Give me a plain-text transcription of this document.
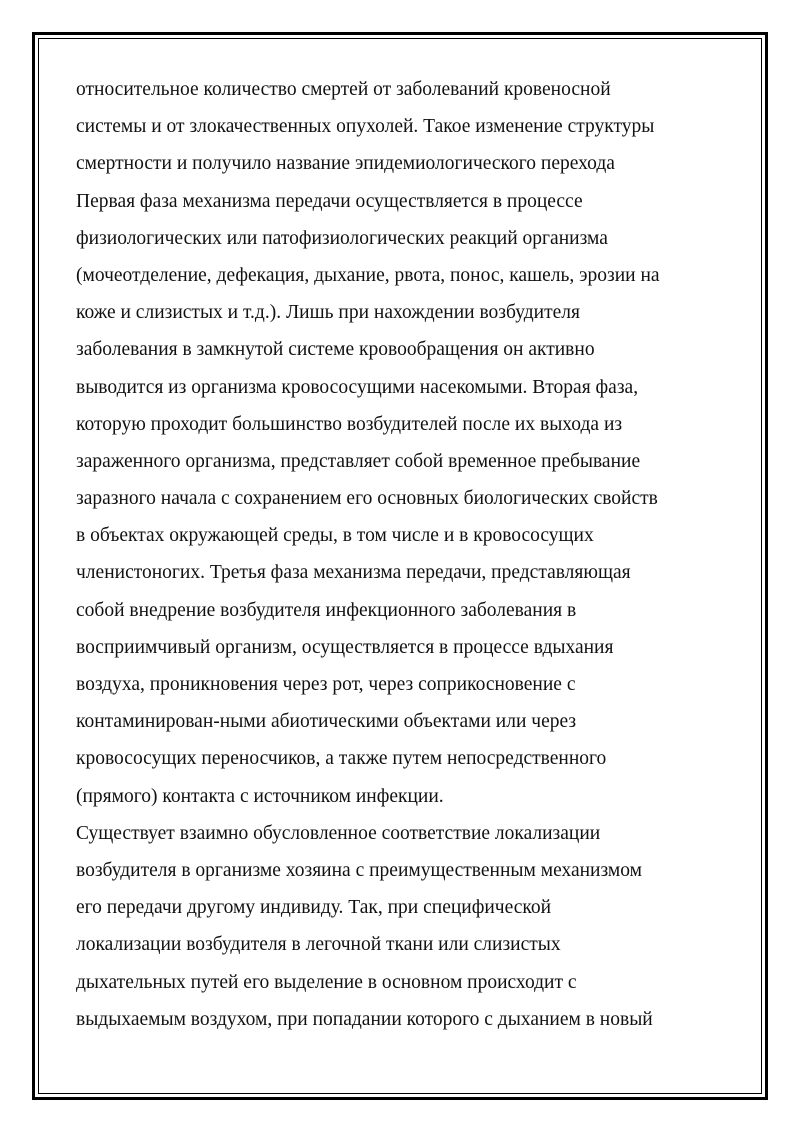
относительное количество смертей от заболеваний кровеносной
системы и от злокачественных опухолей. Такое изменение структуры
смертности и получило название эпидемиологического перехода
Первая фаза механизма передачи осуществляется в процессе
физиологических или патофизиологических реакций организма
(мочеотделение, дефекация, дыхание, рвота, понос, кашель, эрозии на
коже и слизистых и т.д.). Лишь при нахождении возбудителя
заболевания в замкнутой системе кровообращения он активно
выводится из организма кровососущими насекомыми. Вторая фаза,
которую проходит большинство возбудителей после их выхода из
зараженного организма, представляет собой временное пребывание
заразного начала с сохранением его основных биологических свойств
в объектах окружающей среды, в том числе и в кровососущих
членистоногих. Третья фаза механизма передачи, представляющая
собой внедрение возбудителя инфекционного заболевания в
восприимчивый организм, осуществляется в процессе вдыхания
воздуха, проникновения через рот, через соприкосновение с
контаминирован-ными абиотическими объектами или через
кровососущих переносчиков, а также путем непосредственного
(прямого) контакта с источником инфекции.
Существует взаимно обусловленное соответствие локализации
возбудителя в организме хозяина с преимущественным механизмом
его передачи другому индивиду. Так, при специфической
локализации возбудителя в легочной ткани или слизистых
дыхательных путей его выделение в основном происходит с
выдыхаемым воздухом, при попадании которого с дыханием в новый
